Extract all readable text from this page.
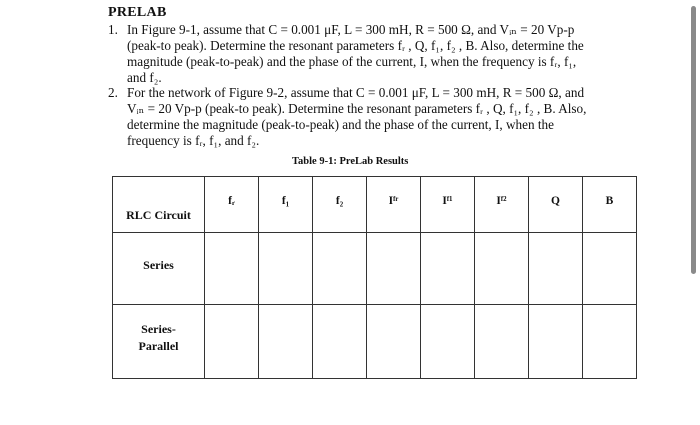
PRELAB
1. In Figure 9-1, assume that C = 0.001 μF, L = 300 mH, R = 500 Ω, and Vᵢₙ = 20 Vp-p
(peak-to peak). Determine the resonant parameters fᵣ , Q, f₁, f₂ , B. Also, determine the
magnitude (peak-to-peak) and the phase of the current, I, when the frequency is fᵣ, f₁,
and f₂.
2. For the network of Figure 9-2, assume that C = 0.001 μF, L = 300 mH, R = 500 Ω, and
Vᵢₙ = 20 Vp-p (peak-to peak). Determine the resonant parameters fᵣ , Q, f₁, f₂ , B. Also,
determine the magnitude (peak-to-peak) and the phase of the current, I, when the
frequency is fᵣ, f₁, and f₂.
Table 9-1: PreLab Results
RLC Circuit	fᵣ	f₁	f₂	Iᶠʳ	Iᶠ¹	Iᶠ²	Q	B
Series								
Series-
Parallel								
